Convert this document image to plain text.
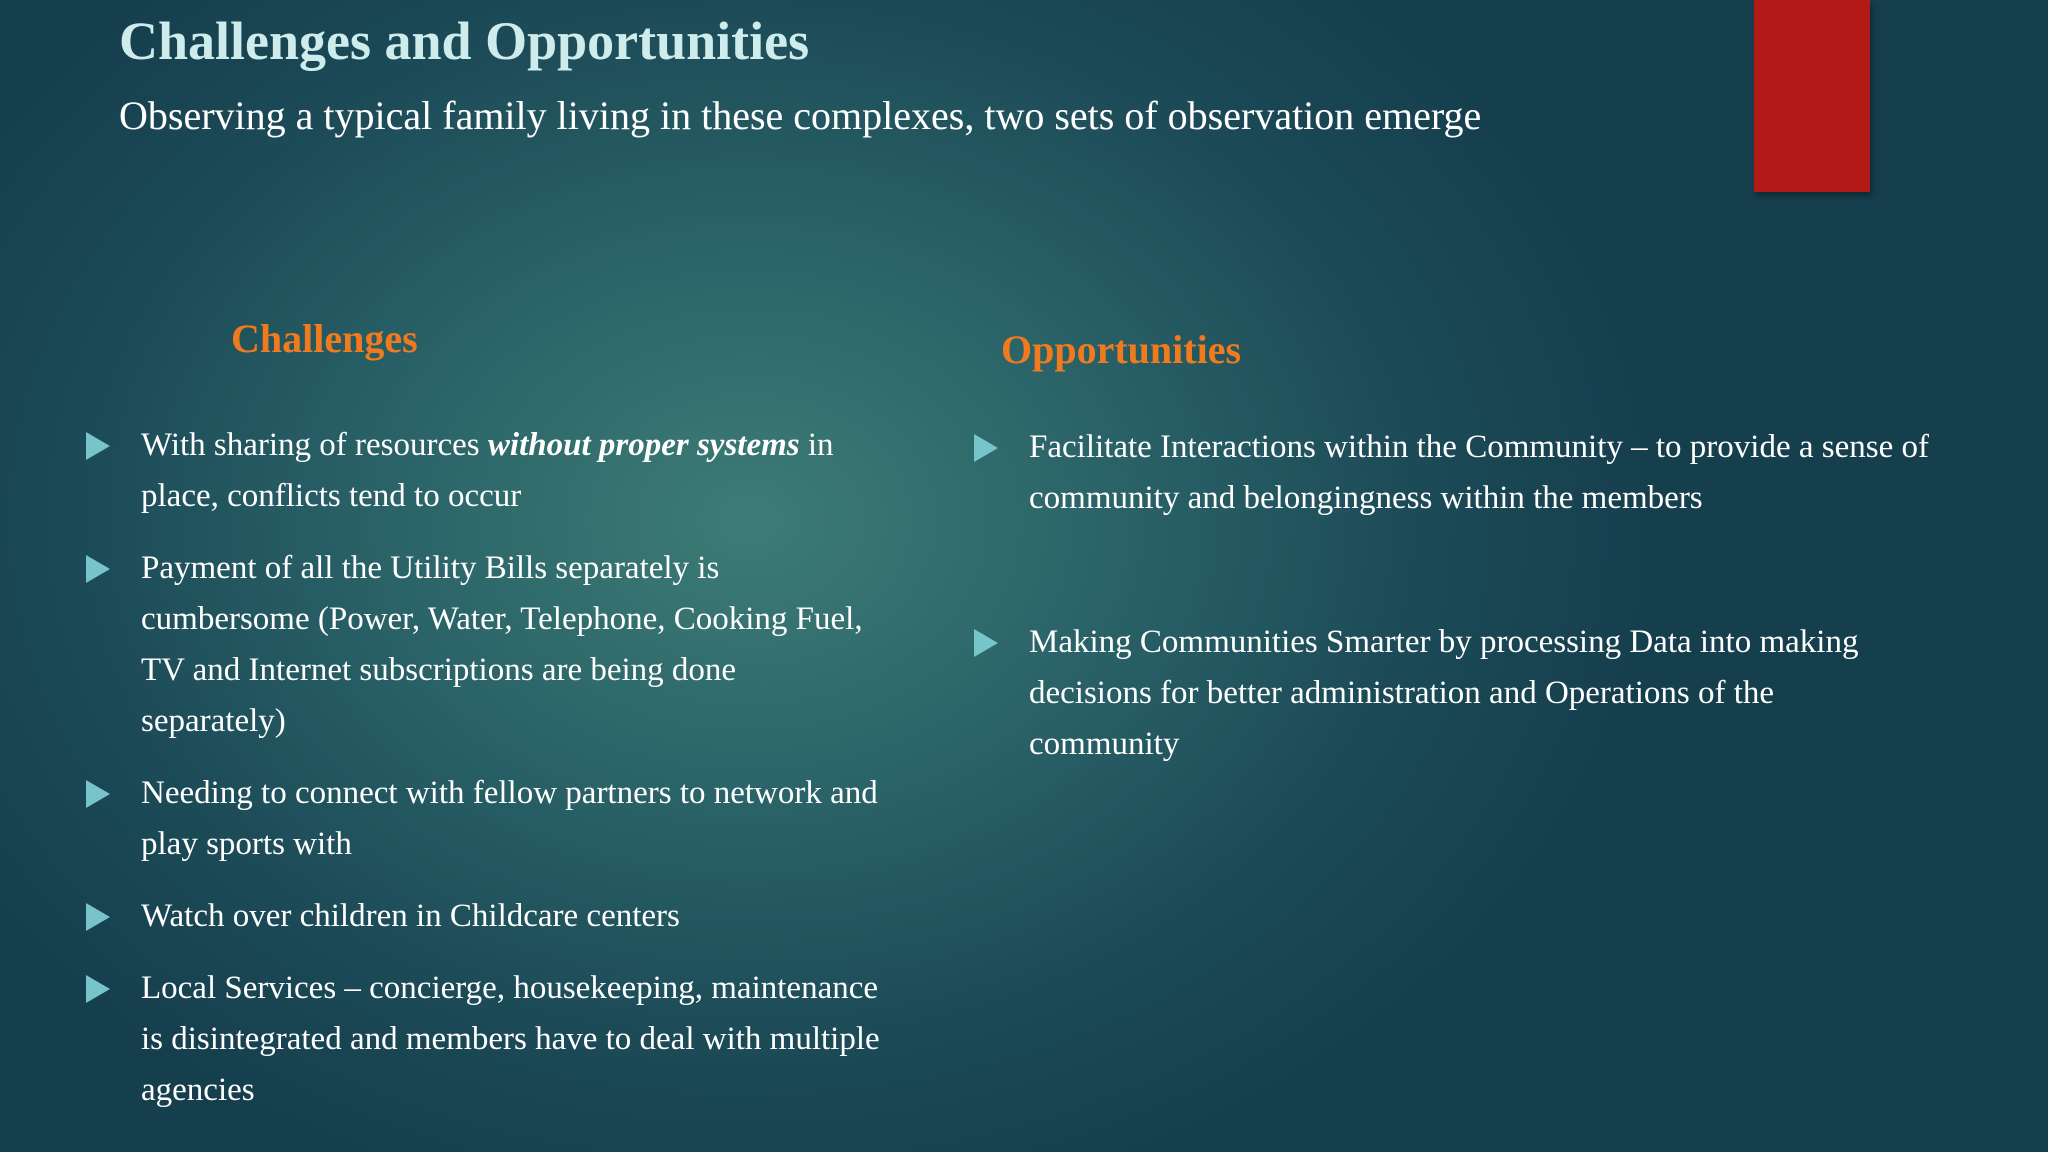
Challenges and Opportunities

Observing a typical family living in these complexes, two sets of observation emerge

Challenges
With sharing of resources without proper systems in place, conflicts tend to occur
Payment of all the Utility Bills separately is cumbersome (Power, Water, Telephone, Cooking Fuel, TV and Internet subscriptions are being done separately)
Needing to connect with fellow partners to network and play sports with
Watch over children in Childcare centers
Local Services – concierge, housekeeping, maintenance is disintegrated and members have to deal with multiple agencies
Opportunities
Facilitate Interactions within the Community – to provide a sense of community and belongingness within the members
Making Communities Smarter by processing Data into making decisions for better administration and Operations of the community
